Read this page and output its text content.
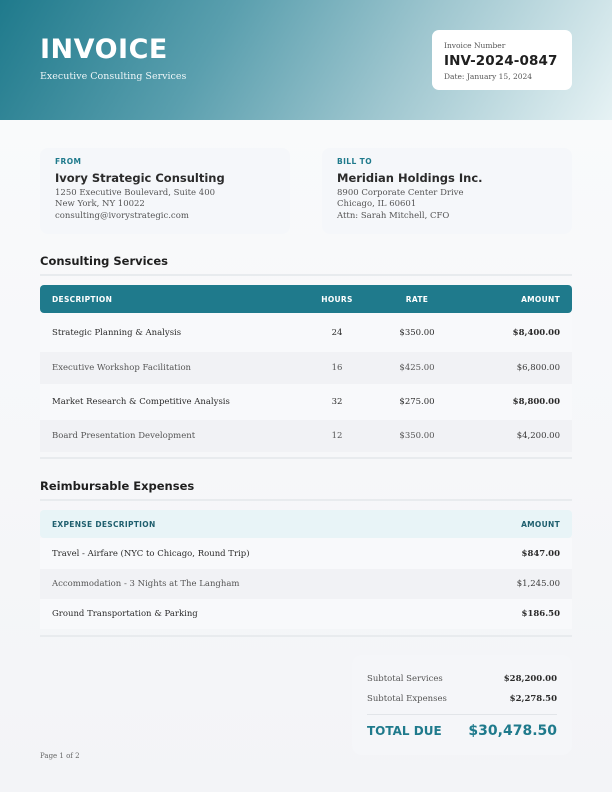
INVOICE
Executive Consulting Services
Invoice Number
INV-2024-0847
Date: January 15, 2024
FROM
Ivory Strategic Consulting
1250 Executive Boulevard, Suite 400
New York, NY 10022
consulting@ivorystrategic.com
BILL TO
Meridian Holdings Inc.
8900 Corporate Center Drive
Chicago, IL 60601
Attn: Sarah Mitchell, CFO
Consulting Services
DESCRIPTION	HOURS	RATE	AMOUNT
Strategic Planning & Analysis	24	$350.00	$8,400.00
Executive Workshop Facilitation	16	$425.00	$6,800.00
Market Research & Competitive Analysis	32	$275.00	$8,800.00
Board Presentation Development	12	$350.00	$4,200.00
Reimbursable Expenses
EXPENSE DESCRIPTION	AMOUNT
Travel - Airfare (NYC to Chicago, Round Trip)	$847.00
Accommodation - 3 Nights at The Langham	$1,245.00
Ground Transportation & Parking	$186.50
Subtotal Services	$28,200.00
Subtotal Expenses	$2,278.50
TOTAL DUE $30,478.50
Page 1 of 2
